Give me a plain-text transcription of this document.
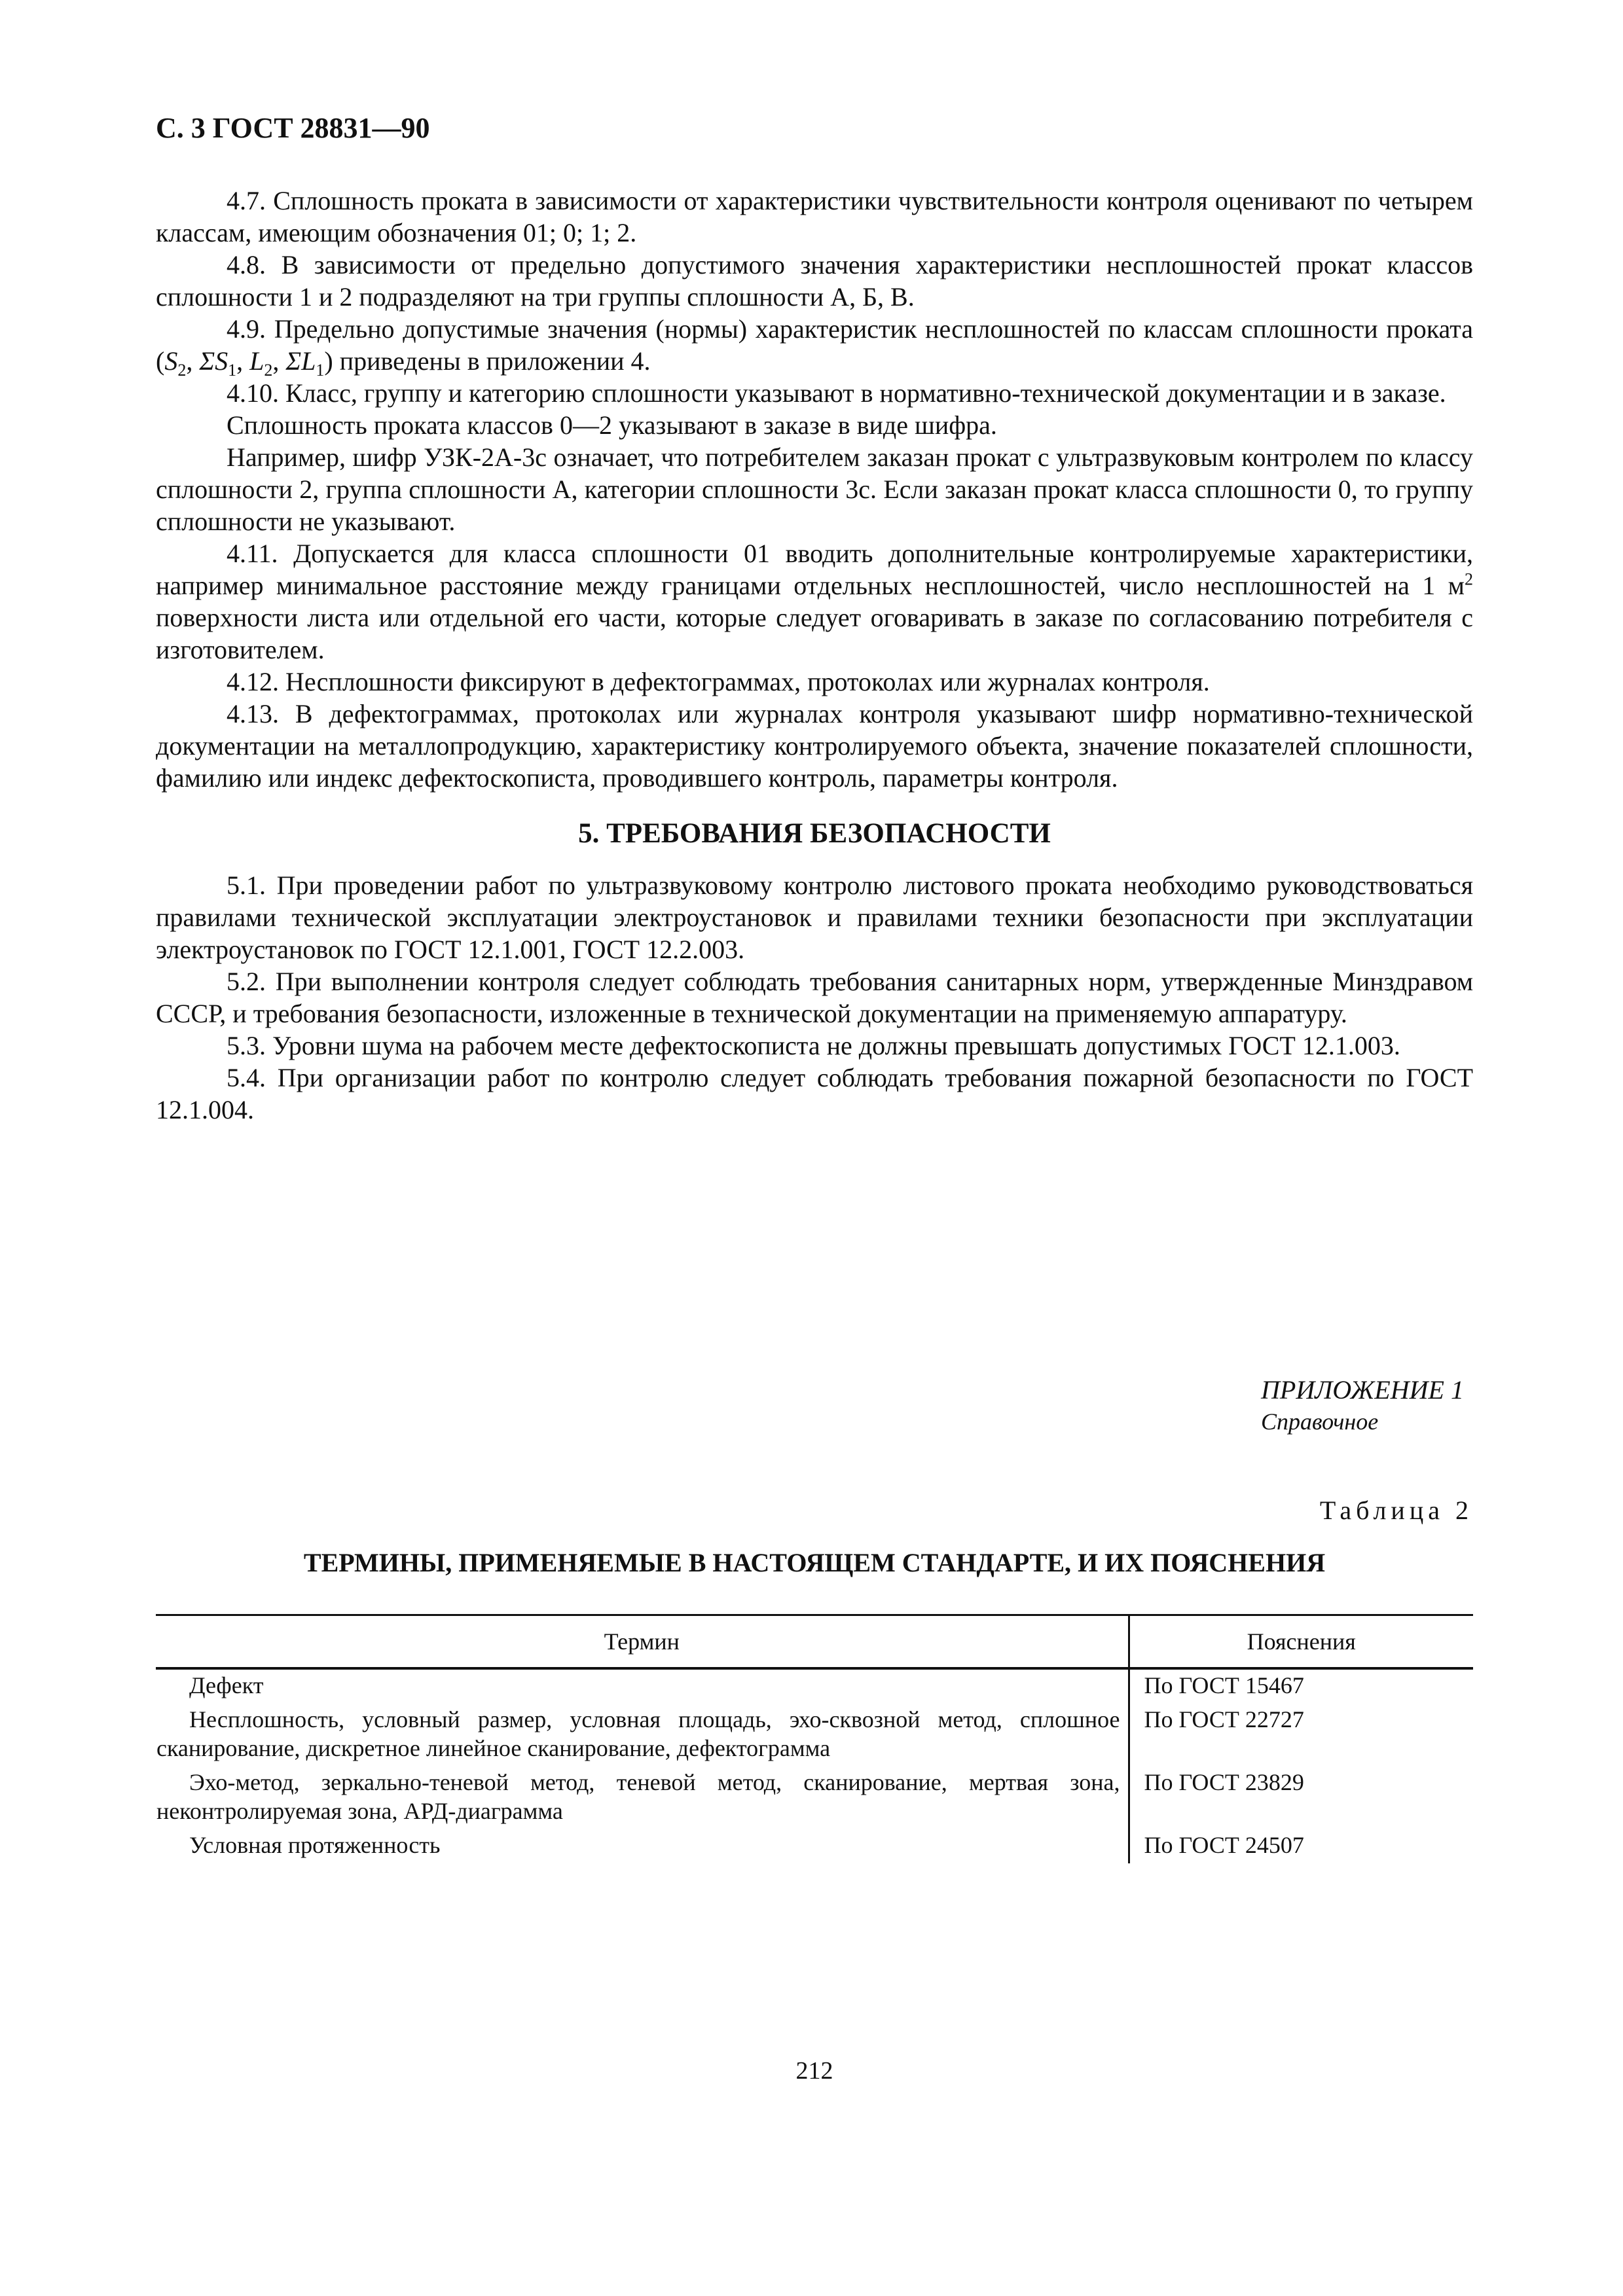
С. 3 ГОСТ 28831—90

4.7. Сплошность проката в зависимости от характеристики чувствительности контроля оценивают по четырем классам, имеющим обозначения 01; 0; 1; 2.

4.8. В зависимости от предельно допустимого значения характеристики несплошностей прокат классов сплошности 1 и 2 подразделяют на три группы сплошности А, Б, В.

4.9. Предельно допустимые значения (нормы) характеристик несплошностей по классам сплошности проката ($S_2$, $\Sigma S_1$, $L_2$, $\Sigma L_1$) приведены в приложении 4.

4.10. Класс, группу и категорию сплошности указывают в нормативно-технической документации и в заказе.

Сплошность проката классов 0—2 указывают в заказе в виде шифра.

Например, шифр УЗК-2А-3с означает, что потребителем заказан прокат с ультразвуковым контролем по классу сплошности 2, группа сплошности А, категории сплошности 3с. Если заказан прокат класса сплошности 0, то группу сплошности не указывают.

4.11. Допускается для класса сплошности 01 вводить дополнительные контролируемые характеристики, например минимальное расстояние между границами отдельных несплошностей, число несплошностей на 1 $м^2$ поверхности листа или отдельной его части, которые следует оговаривать в заказе по согласованию потребителя с изготовителем.

4.12. Несплошности фиксируют в дефектограммах, протоколах или журналах контроля.

4.13. В дефектограммах, протоколах или журналах контроля указывают шифр нормативно-технической документации на металлопродукцию, характеристику контролируемого объекта, значение показателей сплошности, фамилию или индекс дефектоскописта, проводившего контроль, параметры контроля.

5. ТРЕБОВАНИЯ БЕЗОПАСНОСТИ

5.1. При проведении работ по ультразвуковому контролю листового проката необходимо руководствоваться правилами технической эксплуатации электроустановок и правилами техники безопасности при эксплуатации электроустановок по ГОСТ 12.1.001, ГОСТ 12.2.003.

5.2. При выполнении контроля следует соблюдать требования санитарных норм, утвержденные Минздравом СССР, и требования безопасности, изложенные в технической документации на применяемую аппаратуру.

5.3. Уровни шума на рабочем месте дефектоскописта не должны превышать допустимых ГОСТ 12.1.003.

5.4. При организации работ по контролю следует соблюдать требования пожарной безопасности по ГОСТ 12.1.004.

ПРИЛОЖЕНИЕ 1
Справочное
Таблица 2
ТЕРМИНЫ, ПРИМЕНЯЕМЫЕ В НАСТОЯЩЕМ СТАНДАРТЕ, И ИХ ПОЯСНЕНИЯ
Термин	Пояснения
Дефект	По ГОСТ 15467
Несплошность, условный размер, условная площадь, эхо-сквозной метод, сплошное сканирование, дискретное линейное сканирование, дефектограмма	По ГОСТ 22727
Эхо-метод, зеркально-теневой метод, теневой метод, сканирование, мертвая зона, неконтролируемая зона, АРД-диаграмма	По ГОСТ 23829
Условная протяженность	По ГОСТ 24507
212
